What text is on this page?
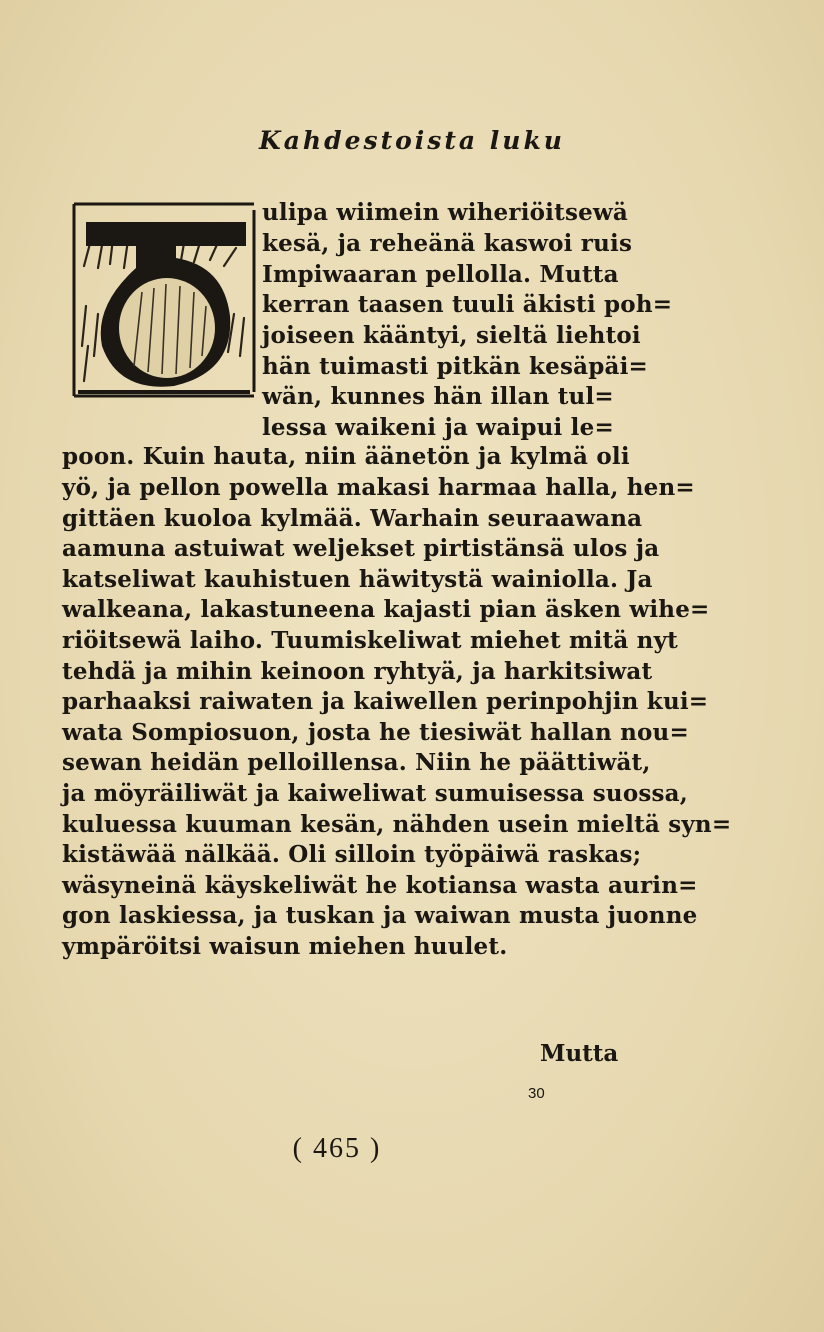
Kahdestoista luku
ulipa wiimein wiheriöitsewä
kesä, ja reheänä kaswoi ruis
Impiwaaran pellolla. Mutta
kerran taasen tuuli äkisti poh=
joiseen kääntyi, sieltä liehtoi
hän tuimasti pitkän kesäpäi=
wän, kunnes hän illan tul=
lessa waikeni ja waipui le=
poon. Kuin hauta, niin äänetön ja kylmä oli
yö, ja pellon powella makasi harmaa halla, hen=
gittäen kuoloa kylmää. Warhain seuraawana
aamuna astuiwat weljekset pirtistänsä ulos ja
katseliwat kauhistuen häwitystä wainiolla. Ja
walkeana, lakastuneena kajasti pian äsken wihe=
riöitsewä laiho. Tuumiskeliwat miehet mitä nyt
tehdä ja mihin keinoon ryhtyä, ja harkitsiwat
parhaaksi raiwaten ja kaiwellen perinpohjin kui=
wata Sompiosuon, josta he tiesiwät hallan nou=
sewan heidän pelloillensa. Niin he päättiwät,
ja möyräiliwät ja kaiweliwat sumuisessa suossa,
kuluessa kuuman kesän, nähden usein mieltä syn=
kistäwää nälkää. Oli silloin työpäiwä raskas;
wäsyneinä käyskeliwät he kotiansa wasta aurin=
gon laskiessa, ja tuskan ja waiwan musta juonne
ympäröitsi waisun miehen huulet.
Mutta
30
( 465 )
